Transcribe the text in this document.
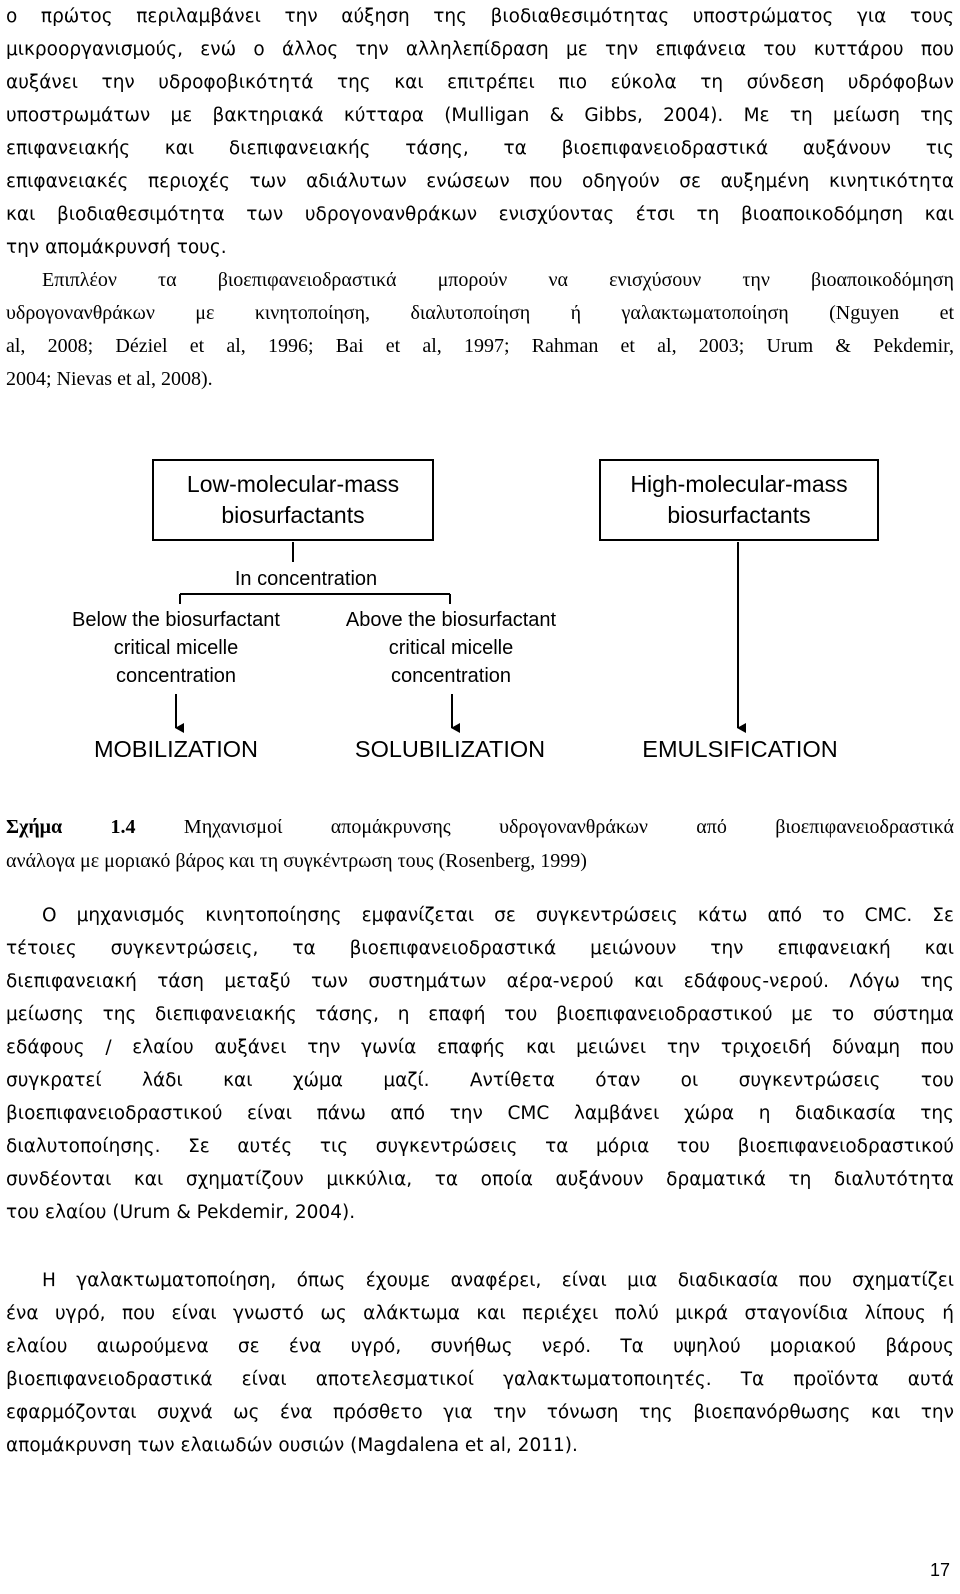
ο πρώτος περιλαμβάνει την αύξηση της βιοδιαθεσιμότητας υποστρώματος για τους
μικροοργανισμούς, ενώ ο άλλος την αλληλεπίδραση με την επιφάνεια του κυττάρου που
αυξάνει την υδροφοβικότητά της και επιτρέπει πιο εύκολα τη σύνδεση υδρόφοβων
υποστρωμάτων με βακτηριακά κύτταρα (Mulligan & Gibbs, 2004). Με τη μείωση της
επιφανειακής και διεπιφανειακής τάσης, τα βιοεπιφανειοδραστικά αυξάνουν τις
επιφανειακές περιοχές των αδιάλυτων ενώσεων που οδηγούν σε αυξημένη κινητικότητα
και βιοδιαθεσιμότητα των υδρογονανθράκων ενισχύοντας έτσι τη βιοαποικοδόμηση και
την απομάκρυνσή τους.
Επιπλέον τα βιοεπιφανειοδραστικά μπορούν να ενισχύσουν την βιοαποικοδόμηση
υδρογονανθράκων με κινητοποίηση, διαλυτοποίηση ή γαλακτωματοποίηση (Nguyen et
al, 2008; Déziel et al, 1996; Bai et al, 1997; Rahman et al, 2003; Urum & Pekdemir,
2004; Nievas et al, 2008).
Low-molecular-mass
biosurfactants
High-molecular-mass
biosurfactants
In concentration
Below the biosurfactant
critical micelle
concentration
Above the biosurfactant
critical micelle
concentration
MOBILIZATION	SOLUBILIZATION	EMULSIFICATION
Σχήμα 1.4 Μηχανισμοί απομάκρυνσης υδρογονανθράκων από βιοεπιφανειοδραστικά
ανάλογα με μοριακό βάρος και τη συγκέντρωση τους (Rosenberg, 1999)
Ο μηχανισμός κινητοποίησης εμφανίζεται σε συγκεντρώσεις κάτω από το CMC. Σε
τέτοιες συγκεντρώσεις, τα βιοεπιφανειοδραστικά μειώνουν την επιφανειακή και
διεπιφανειακή τάση μεταξύ των συστημάτων αέρα-νερού και εδάφους-νερού. Λόγω της
μείωσης της διεπιφανειακής τάσης, η επαφή του βιοεπιφανειοδραστικού με το σύστημα
εδάφους / ελαίου αυξάνει την γωνία επαφής και μειώνει την τριχοειδή δύναμη που
συγκρατεί λάδι και χώμα μαζί. Αντίθετα όταν οι συγκεντρώσεις του
βιοεπιφανειοδραστικού είναι πάνω από την CMC λαμβάνει χώρα η διαδικασία της
διαλυτοποίησης. Σε αυτές τις συγκεντρώσεις τα μόρια του βιοεπιφανειοδραστικού
συνδέονται και σχηματίζουν μικκύλια, τα οποία αυξάνουν δραματικά τη διαλυτότητα
του ελαίου (Urum & Pekdemir, 2004).
Η γαλακτωματοποίηση, όπως έχουμε αναφέρει, είναι μια διαδικασία που σχηματίζει
ένα υγρό, που είναι γνωστό ως αλάκτωμα και περιέχει πολύ μικρά σταγονίδια λίπους ή
ελαίου αιωρούμενα σε ένα υγρό, συνήθως νερό. Τα υψηλού μοριακού βάρους
βιοεπιφανειοδραστικά είναι αποτελεσματικοί γαλακτωματοποιητές. Τα προϊόντα αυτά
εφαρμόζονται συχνά ως ένα πρόσθετο για την τόνωση της βιοεπανόρθωσης και την
απομάκρυνση των ελαιωδών ουσιών (Magdalena et al, 2011).
17
